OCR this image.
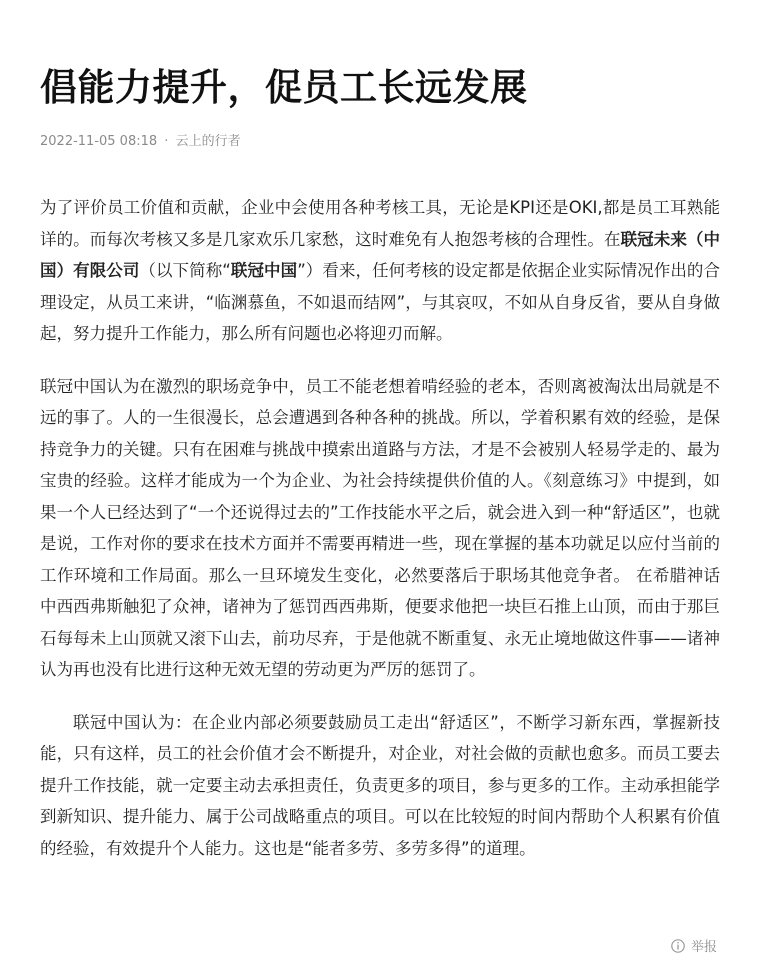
倡能力提升，促员工长远发展
2022-11-05 08:18 · 云上的行者

为了评价员工价值和贡献，企业中会使用各种考核工具，无论是KPI还是OKI,都是员工耳熟能详的。而每次考核又多是几家欢乐几家愁，这时难免有人抱怨考核的合理性。在联冠未来（中国）有限公司（以下简称“联冠中国”）看来，任何考核的设定都是依据企业实际情况作出的合理设定，从员工来讲，“临渊慕鱼，不如退而结网”，与其哀叹，不如从自身反省，要从自身做起，努力提升工作能力，那么所有问题也必将迎刃而解。

联冠中国认为在激烈的职场竞争中，员工不能老想着啃经验的老本，否则离被淘汰出局就是不远的事了。人的一生很漫长，总会遭遇到各种各种的挑战。所以，学着积累有效的经验，是保持竞争力的关键。只有在困难与挑战中摸索出道路与方法，才是不会被别人轻易学走的、最为宝贵的经验。这样才能成为一个为企业、为社会持续提供价值的人。《刻意练习》中提到，如果一个人已经达到了“一个还说得过去的”工作技能水平之后，就会进入到一种“舒适区”，也就是说，工作对你的要求在技术方面并不需要再精进一些，现在掌握的基本功就足以应付当前的工作环境和工作局面。那么一旦环境发生变化，必然要落后于职场其他竞争者。 在希腊神话中西西弗斯触犯了众神，诸神为了惩罚西西弗斯，便要求他把一块巨石推上山顶，而由于那巨石每每未上山顶就又滚下山去，前功尽弃，于是他就不断重复、永无止境地做这件事——诸神认为再也没有比进行这种无效无望的劳动更为严厉的惩罚了。

联冠中国认为：在企业内部必须要鼓励员工走出“舒适区”，不断学习新东西，掌握新技能，只有这样，员工的社会价值才会不断提升，对企业，对社会做的贡献也愈多。而员工要去提升工作技能，就一定要主动去承担责任，负责更多的项目，参与更多的工作。主动承担能学到新知识、提升能力、属于公司战略重点的项目。可以在比较短的时间内帮助个人积累有价值的经验，有效提升个人能力。这也是“能者多劳、多劳多得”的道理。

举报
